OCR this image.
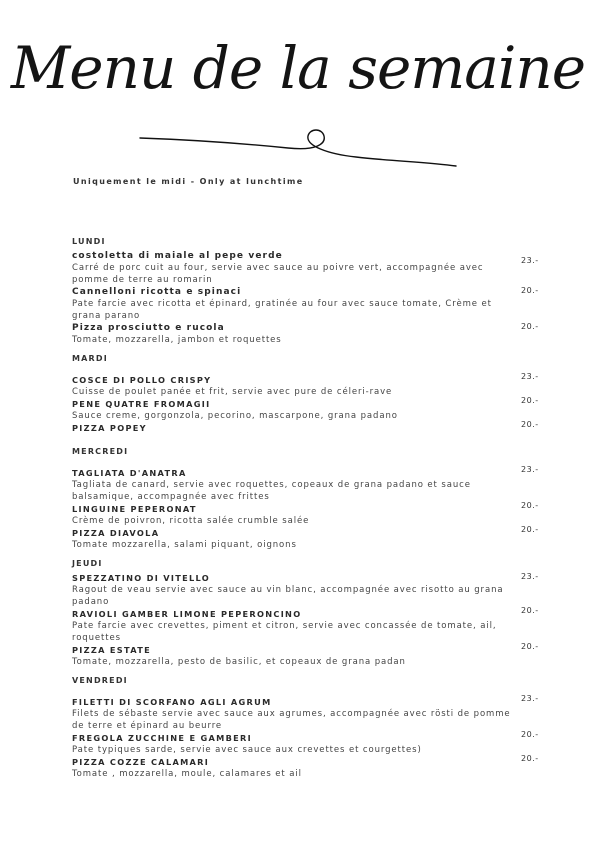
Menu de la semaine
Uniquement le midi - Only at lunchtime
LUNDI
costoletta di maiale al pepe verde
Carré de porc cuit au four, servie avec sauce au poivre vert, accompagnée avec pomme de terre au romarin
23.-
Cannelloni ricotta e spinaci
Pate farcie avec ricotta et épinard, gratinée au four avec sauce tomate, Crème et grana parano
20.-
Pizza prosciutto e rucola
Tomate, mozzarella, jambon et roquettes
20.-
MARDI
COSCE DI POLLO CRISPY
Cuisse de poulet panée et frit, servie avec pure de céleri-rave
23.-
PENE QUATRE FROMAGII
Sauce creme, gorgonzola, pecorino, mascarpone, grana padano
20.-
PIZZA POPEY	20.-
MERCREDI
TAGLIATA D'ANATRA
Tagliata de canard, servie avec roquettes, copeaux de grana padano et sauce balsamique, accompagnée avec frittes
23.-
LINGUINE PEPERONAT
Crème de poivron, ricotta salée crumble salée
20.-
PIZZA DIAVOLA
Tomate mozzarella, salami piquant, oignons
20.-
JEUDI
SPEZZATINO DI VITELLO
Ragout de veau servie avec sauce au vin blanc, accompagnée avec risotto au grana padano
23.-
RAVIOLI GAMBER LIMONE PEPERONCINO
Pate farcie avec crevettes, piment et citron, servie avec concassée de tomate, ail, roquettes
20.-
PIZZA ESTATE
Tomate, mozzarella, pesto de basilic, et copeaux de grana padan
20.-
VENDREDI
FILETTI DI SCORFANO AGLI AGRUM
Filets de sébaste servie avec sauce aux agrumes, accompagnée avec rösti de pomme de terre et épinard au beurre
23.-
FREGOLA ZUCCHINE E GAMBERI
Pate typiques sarde, servie avec sauce aux crevettes et courgettes)
20.-
PIZZA COZZE CALAMARI
Tomate , mozzarella, moule, calamares et ail
20.-
